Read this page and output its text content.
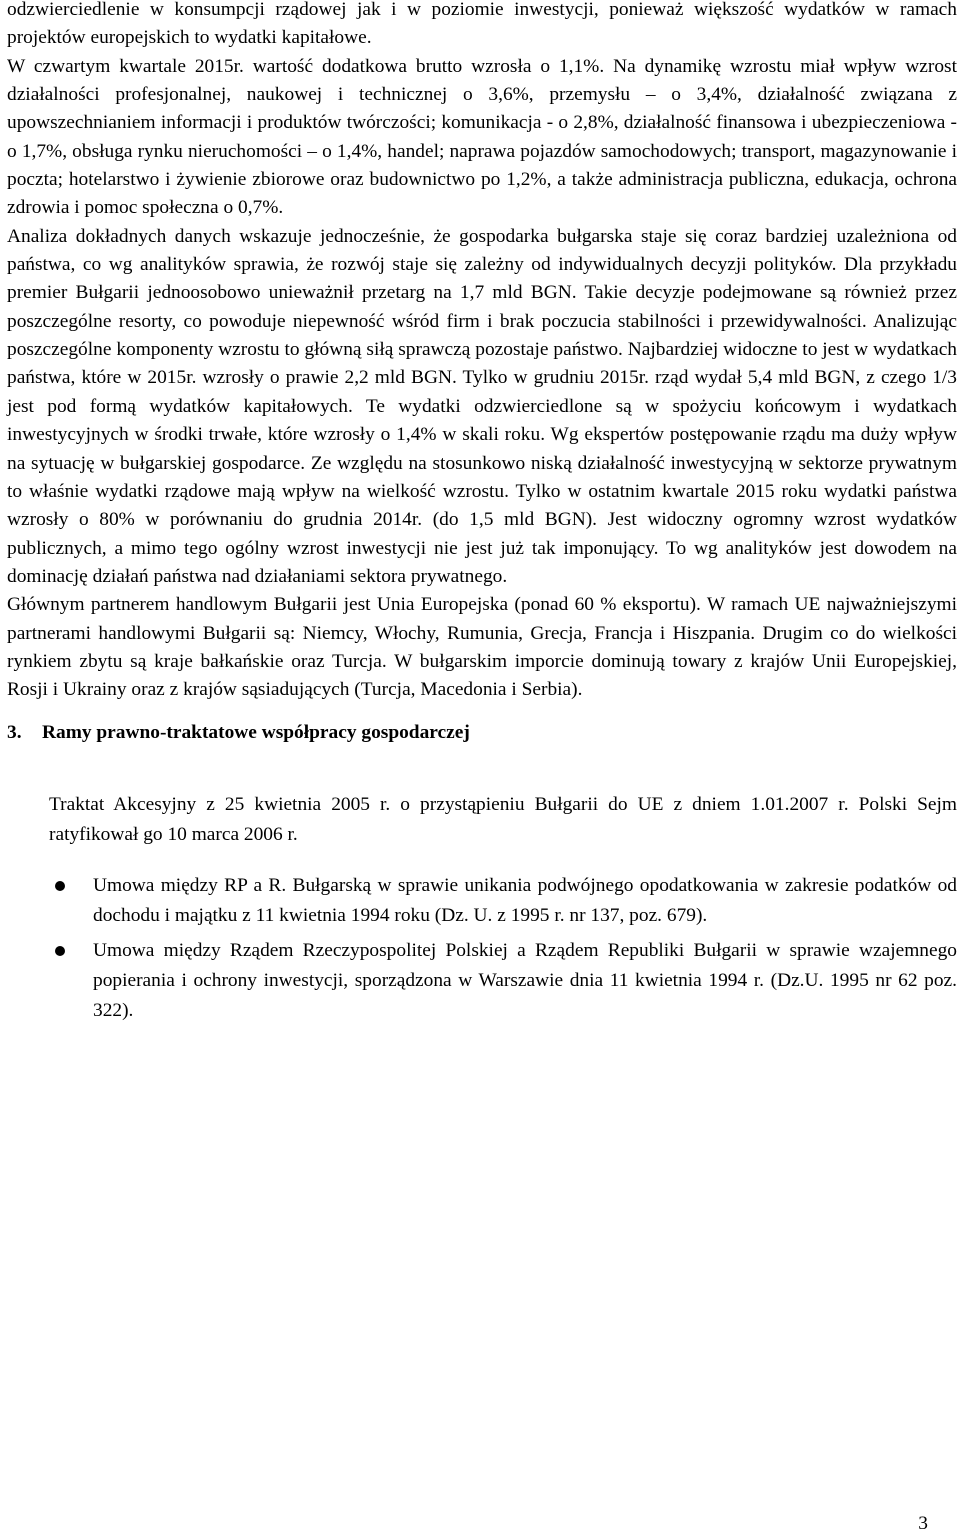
odzwierciedlenie w konsumpcji rządowej jak i w poziomie inwestycji, ponieważ większość wydatków w ramach projektów europejskich to wydatki kapitałowe.

W czwartym kwartale 2015r. wartość dodatkowa brutto wzrosła o 1,1%. Na dynamikę wzrostu miał wpływ wzrost działalności profesjonalnej, naukowej i technicznej o 3,6%, przemysłu – o 3,4%, działalność związana z upowszechnianiem informacji i produktów twórczości; komunikacja - o 2,8%, działalność finansowa i ubezpieczeniowa - o 1,7%, obsługa rynku nieruchomości – o 1,4%, handel; naprawa pojazdów samochodowych; transport, magazynowanie i poczta; hotelarstwo i żywienie zbiorowe oraz budownictwo po 1,2%, a także administracja publiczna, edukacja, ochrona zdrowia i pomoc społeczna o 0,7%.

Analiza dokładnych danych wskazuje jednocześnie, że gospodarka bułgarska staje się coraz bardziej uzależniona od państwa, co wg analityków sprawia, że rozwój staje się zależny od indywidualnych decyzji polityków. Dla przykładu premier Bułgarii jednoosobowo unieważnił przetarg na 1,7 mld BGN. Takie decyzje podejmowane są również przez poszczególne resorty, co powoduje niepewność wśród firm i brak poczucia stabilności i przewidywalności. Analizując poszczególne komponenty wzrostu to główną siłą sprawczą pozostaje państwo. Najbardziej widoczne to jest w wydatkach państwa, które w 2015r. wzrosły o prawie 2,2 mld BGN. Tylko w grudniu 2015r. rząd wydał 5,4 mld BGN, z czego 1/3 jest pod formą wydatków kapitałowych. Te wydatki odzwierciedlone są w spożyciu końcowym i wydatkach inwestycyjnych w środki trwałe, które wzrosły o 1,4% w skali roku. Wg ekspertów postępowanie rządu ma duży wpływ na sytuację w bułgarskiej gospodarce. Ze względu na stosunkowo niską działalność inwestycyjną w sektorze prywatnym to właśnie wydatki rządowe mają wpływ na wielkość wzrostu. Tylko w ostatnim kwartale 2015 roku wydatki państwa wzrosły o 80% w porównaniu do grudnia 2014r. (do 1,5 mld BGN). Jest widoczny ogromny wzrost wydatków publicznych, a mimo tego ogólny wzrost inwestycji nie jest już tak imponujący. To wg analityków jest dowodem na dominację działań państwa nad działaniami sektora prywatnego.

Głównym partnerem handlowym Bułgarii jest Unia Europejska (ponad 60 % eksportu). W ramach UE najważniejszymi partnerami handlowymi Bułgarii są: Niemcy, Włochy, Rumunia, Grecja, Francja i Hiszpania. Drugim co do wielkości rynkiem zbytu są kraje bałkańskie oraz Turcja. W bułgarskim imporcie dominują towary z krajów Unii Europejskiej, Rosji i Ukrainy oraz z krajów sąsiadujących (Turcja, Macedonia i Serbia).

3.	Ramy prawno-traktatowe współpracy gospodarczej

Traktat Akcesyjny z 25 kwietnia 2005 r. o przystąpieniu Bułgarii do UE z dniem 1.01.2007 r. Polski Sejm ratyfikował go 10 marca 2006 r.

Umowa między RP a R. Bułgarską w sprawie unikania podwójnego opodatkowania w zakresie podatków od dochodu i majątku z 11 kwietnia 1994 roku (Dz. U. z 1995 r. nr 137, poz. 679).
Umowa między Rządem Rzeczypospolitej Polskiej a Rządem Republiki Bułgarii w sprawie wzajemnego popierania i ochrony inwestycji, sporządzona w Warszawie dnia 11 kwietnia 1994 r. (Dz.U. 1995 nr 62 poz. 322).
3
